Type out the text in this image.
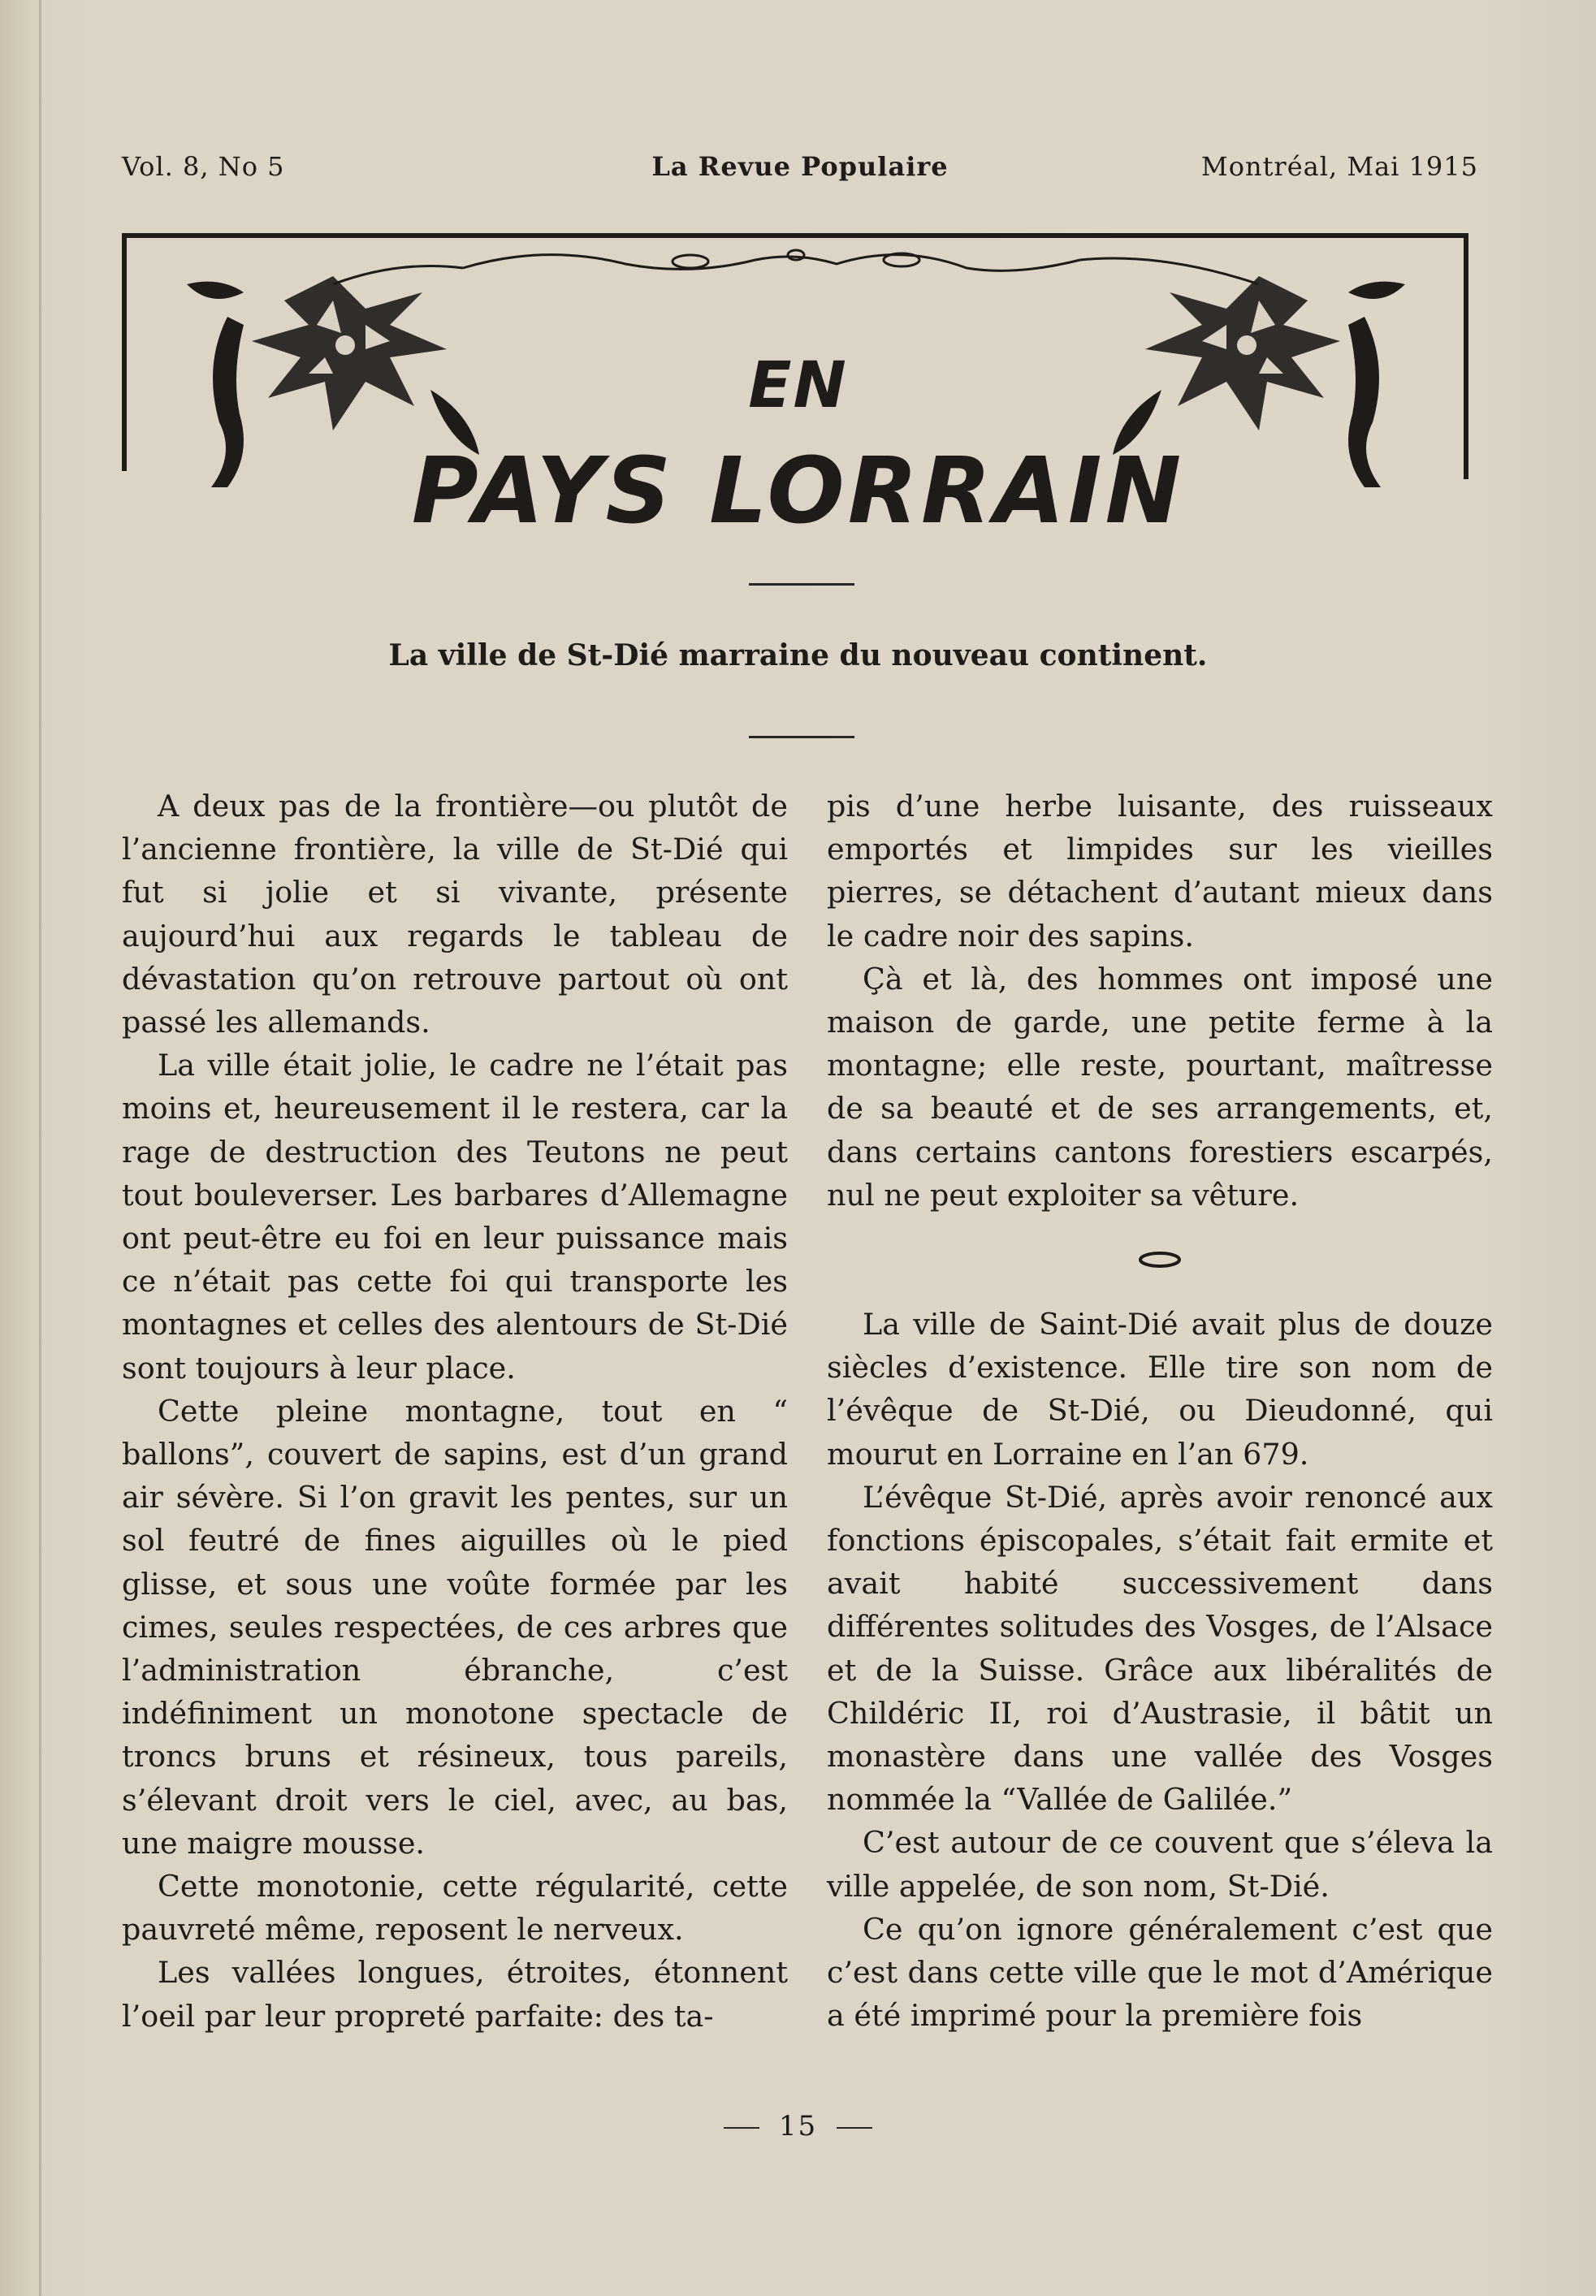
Vol. 8, No 5	La Revue Populaire	Montréal, Mai 1915
EN
PAYS LORRAIN
La ville de St-Dié marraine du nouveau continent.

A deux pas de la frontière—ou plutôt de l’ancienne frontière, la ville de St-Dié qui fut si jolie et si vivante, présente aujourd’hui aux regards le tableau de dévastation qu’on retrouve partout où ont passé les allemands.

La ville était jolie, le cadre ne l’était pas moins et, heureusement il le restera, car la rage de destruction des Teutons ne peut tout bouleverser. Les barbares d’Allemagne ont peut-être eu foi en leur puissance mais ce n’était pas cette foi qui transporte les montagnes et celles des alentours de St-Dié sont toujours à leur place.

Cette pleine montagne, tout en “ ballons”, couvert de sapins, est d’un grand air sévère. Si l’on gravit les pentes, sur un sol feutré de fines aiguilles où le pied glisse, et sous une voûte formée par les cimes, seules respectées, de ces arbres que l’administration ébranche, c’est indéfiniment un monotone spectacle de troncs bruns et résineux, tous pareils, s’élevant droit vers le ciel, avec, au bas, une maigre mousse.

Cette monotonie, cette régularité, cette pauvreté même, reposent le nerveux.

Les vallées longues, étroites, étonnent l’oeil par leur propreté parfaite: des ta-

pis d’une herbe luisante, des ruisseaux emportés et limpides sur les vieilles pierres, se détachent d’autant mieux dans le cadre noir des sapins.

Çà et là, des hommes ont imposé une maison de garde, une petite ferme à la montagne; elle reste, pourtant, maîtresse de sa beauté et de ses arrangements, et, dans certains cantons forestiers escarpés, nul ne peut exploiter sa vêture.

La ville de Saint-Dié avait plus de douze siècles d’existence. Elle tire son nom de l’évêque de St-Dié, ou Dieudonné, qui mourut en Lorraine en l’an 679.

L’évêque St-Dié, après avoir renoncé aux fonctions épiscopales, s’était fait ermite et avait habité successivement dans différentes solitudes des Vosges, de l’Alsace et de la Suisse. Grâce aux libéralités de Childéric II, roi d’Austrasie, il bâtit un monastère dans une vallée des Vosges nommée la “Vallée de Galilée.”

C’est autour de ce couvent que s’éleva la ville appelée, de son nom, St-Dié.

Ce qu’on ignore généralement c’est que c’est dans cette ville que le mot d’Amérique a été imprimé pour la première fois

15
